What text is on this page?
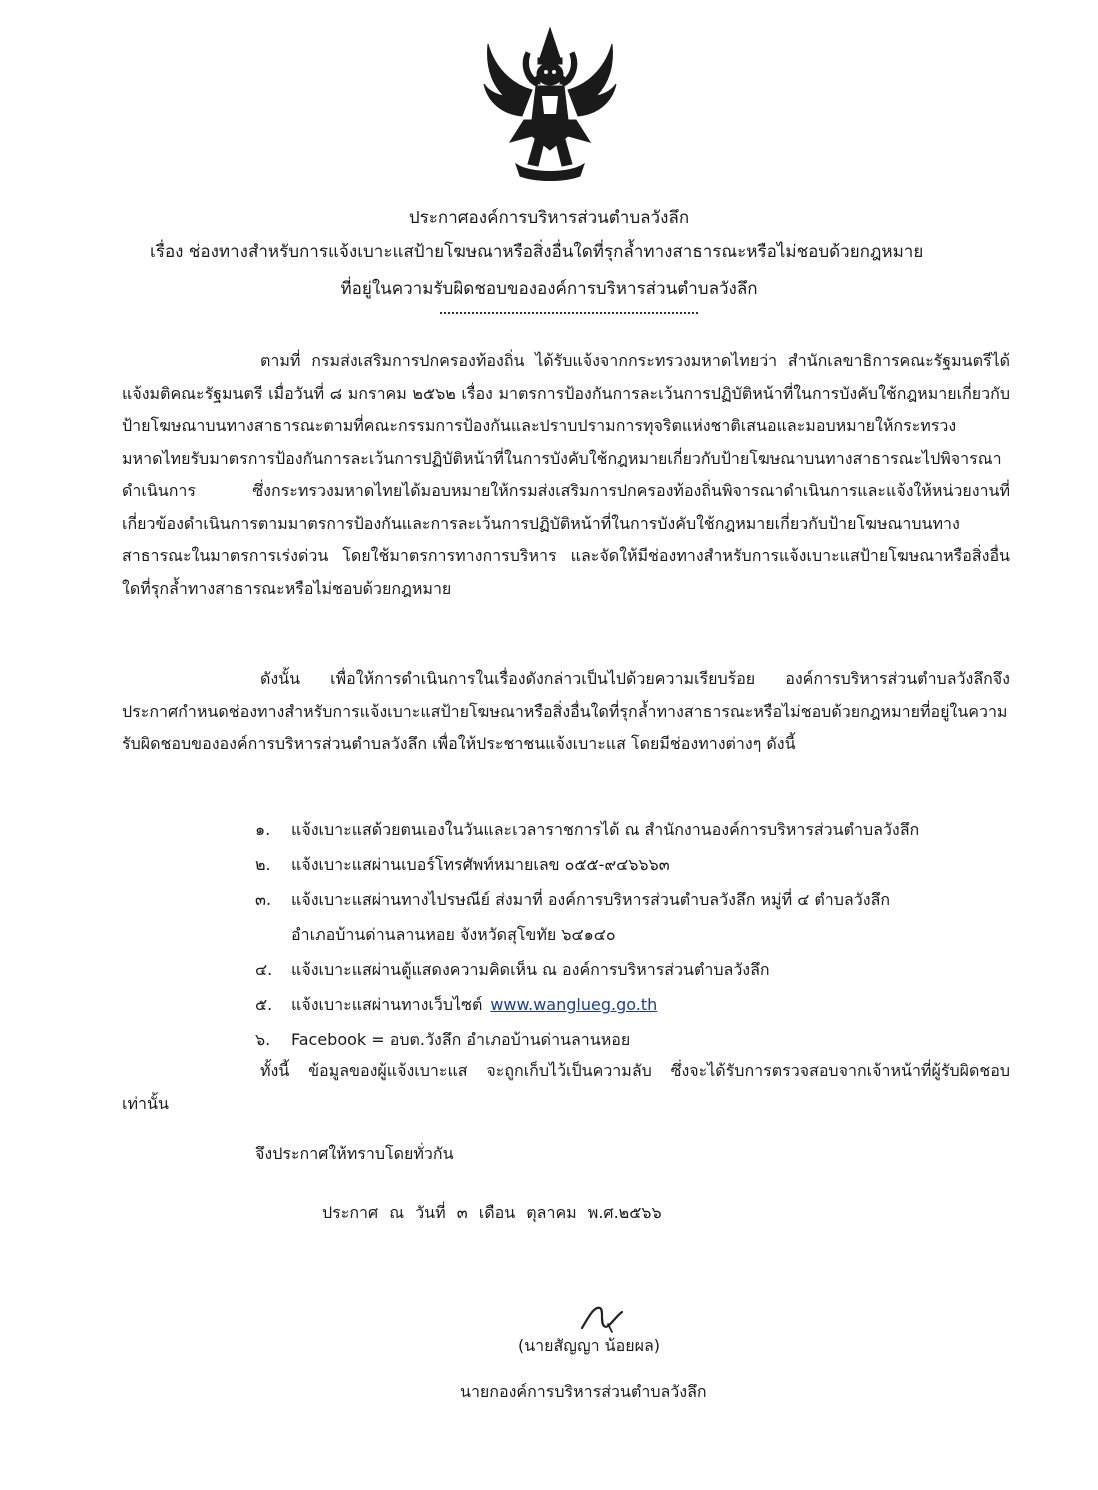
ประกาศองค์การบริหารส่วนตำบลวังลึก
เรื่อง ช่องทางสำหรับการแจ้งเบาะแสป้ายโฆษณาหรือสิ่งอื่นใดที่รุกล้ำทางสาธารณะหรือไม่ชอบด้วยกฎหมาย
ที่อยู่ในความรับผิดชอบขององค์การบริหารส่วนตำบลวังลึก

ตามที่ กรมส่งเสริมการปกครองท้องถิ่น ได้รับแจ้งจากกระทรวงมหาดไทยว่า สำนักเลขาธิการคณะรัฐมนตรีได้แจ้งมติคณะรัฐมนตรี เมื่อวันที่ ๘ มกราคม ๒๕๖๒ เรื่อง มาตรการป้องกันการละเว้นการปฏิบัติหน้าที่ในการบังคับใช้กฎหมายเกี่ยวกับป้ายโฆษณาบนทางสาธารณะตามที่คณะกรรมการป้องกันและปราบปรามการทุจริตแห่งชาติเสนอและมอบหมายให้กระทรวงมหาดไทยรับมาตรการป้องกันการละเว้นการปฏิบัติหน้าที่ในการบังคับใช้กฎหมายเกี่ยวกับป้ายโฆษณาบนทางสาธารณะไปพิจารณาดำเนินการ ซึ่งกระทรวงมหาดไทยได้มอบหมายให้กรมส่งเสริมการปกครองท้องถิ่นพิจารณาดำเนินการและแจ้งให้หน่วยงานที่เกี่ยวข้องดำเนินการตามมาตรการป้องกันและการละเว้นการปฏิบัติหน้าที่ในการบังคับใช้กฎหมายเกี่ยวกับป้ายโฆษณาบนทางสาธารณะในมาตรการเร่งด่วน โดยใช้มาตรการทางการบริหาร และจัดให้มีช่องทางสำหรับการแจ้งเบาะแสป้ายโฆษณาหรือสิ่งอื่นใดที่รุกล้ำทางสาธารณะหรือไม่ชอบด้วยกฎหมาย

ดังนั้น เพื่อให้การดำเนินการในเรื่องดังกล่าวเป็นไปด้วยความเรียบร้อย องค์การบริหารส่วนตำบลวังลึกจึงประกาศกำหนดช่องทางสำหรับการแจ้งเบาะแสป้ายโฆษณาหรือสิ่งอื่นใดที่รุกล้ำทางสาธารณะหรือไม่ชอบด้วยกฎหมายที่อยู่ในความรับผิดชอบขององค์การบริหารส่วนตำบลวังลึก เพื่อให้ประชาชนแจ้งเบาะแส โดยมีช่องทางต่างๆ ดังนี้

๑.	แจ้งเบาะแสด้วยตนเองในวันและเวลาราชการได้ ณ สำนักงานองค์การบริหารส่วนตำบลวังลึก
๒.	แจ้งเบาะแสผ่านเบอร์โทรศัพท์หมายเลข ๐๕๕-๙๔๖๖๖๓
๓.	แจ้งเบาะแสผ่านทางไปรษณีย์ ส่งมาที่ องค์การบริหารส่วนตำบลวังลึก หมู่ที่ ๔ ตำบลวังลึก
อำเภอบ้านด่านลานหอย จังหวัดสุโขทัย ๖๔๑๔๐
๔.	แจ้งเบาะแสผ่านตู้แสดงความคิดเห็น ณ องค์การบริหารส่วนตำบลวังลึก
๕.	แจ้งเบาะแสผ่านทางเว็บไซต์ www.wanglueg.go.th
๖.	Facebook = อบต.วังลึก อำเภอบ้านด่านลานหอย

ทั้งนี้ ข้อมูลของผู้แจ้งเบาะแส จะถูกเก็บไว้เป็นความลับ ซึ่งจะได้รับการตรวจสอบจากเจ้าหน้าที่ผู้รับผิดชอบเท่านั้น

จึงประกาศให้ทราบโดยทั่วกัน
ประกาศ ณ วันที่ ๓ เดือน ตุลาคม พ.ศ.๒๕๖๖
(นายสัญญา น้อยผล)
นายกองค์การบริหารส่วนตำบลวังลึก
